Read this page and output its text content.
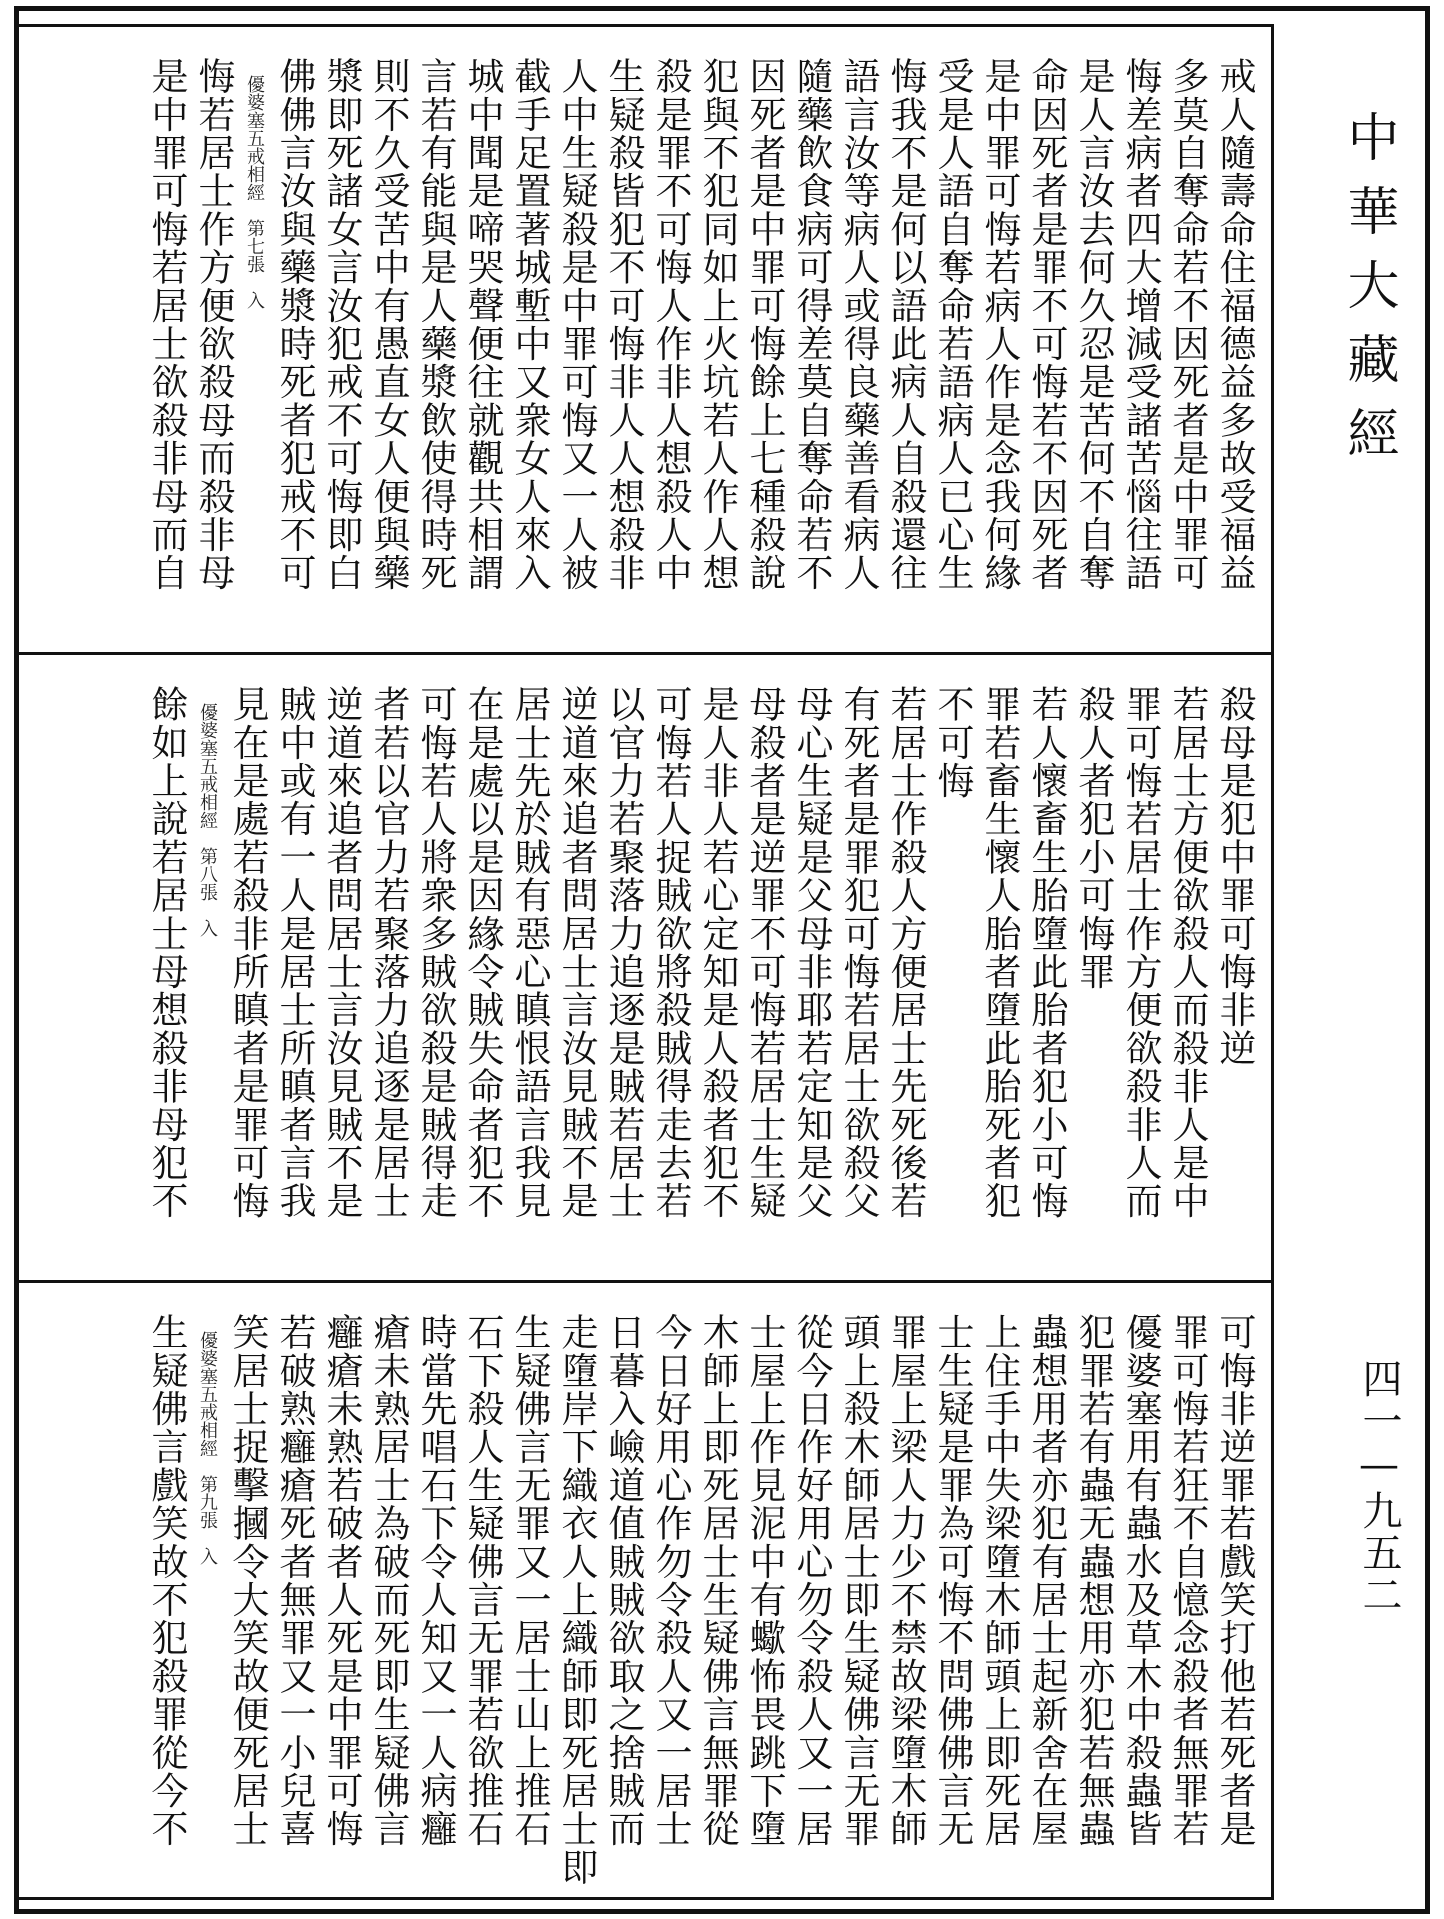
戒人隨壽命住福德益多故受福益
多莫自奪命若不因死者是中罪可
悔差病者四大增減受諸苦惱往語
是人言汝去何久忍是苦何不自奪
命因死者是罪不可悔若不因死者
是中罪可悔若病人作是念我何緣
受是人語自奪命若語病人已心生
悔我不是何以語此病人自殺還往
語言汝等病人或得良藥善看病人
隨藥飲食病可得差莫自奪命若不
因死者是中罪可悔餘上七種殺說
犯與不犯同如上火坑若人作人想
殺是罪不可悔人作非人想殺人中
生疑殺皆犯不可悔非人人想殺非
人中生疑殺是中罪可悔又一人被
截手足置著城塹中又衆女人來入
城中聞是啼哭聲便往就觀共相謂
言若有能與是人藥漿飲使得時死
則不久受苦中有愚直女人便與藥
漿即死諸女言汝犯戒不可悔即白
佛佛言汝與藥漿時死者犯戒不可
優婆塞五戒相經　第七張　入
悔若居士作方便欲殺母而殺非母
是中罪可悔若居士欲殺非母而自
殺母是犯中罪可悔非逆
若居士方便欲殺人而殺非人是中
罪可悔若居士作方便欲殺非人而
殺人者犯小可悔罪
若人懷畜生胎墮此胎者犯小可悔
罪若畜生懷人胎者墮此胎死者犯
不可悔
若居士作殺人方便居士先死後若
有死者是罪犯可悔若居士欲殺父
母心生疑是父母非耶若定知是父
母殺者是逆罪不可悔若居士生疑
是人非人若心定知是人殺者犯不
可悔若人捉賊欲將殺賊得走去若
以官力若聚落力追逐是賊若居士
逆道來追者問居士言汝見賊不是
居士先於賊有惡心瞋恨語言我見
在是處以是因緣令賊失命者犯不
可悔若人將衆多賊欲殺是賊得走
者若以官力若聚落力追逐是居士
逆道來追者問居士言汝見賊不是
賊中或有一人是居士所瞋者言我
見在是處若殺非所瞋者是罪可悔
優婆塞五戒相經　第八張　入
餘如上說若居士母想殺非母犯不
可悔非逆罪若戲笑打他若死者是
罪可悔若狂不自憶念殺者無罪若
優婆塞用有蟲水及草木中殺蟲皆
犯罪若有蟲无蟲想用亦犯若無蟲
蟲想用者亦犯有居士起新舍在屋
上住手中失梁墮木師頭上即死居
士生疑是罪為可悔不問佛佛言无
罪屋上梁人力少不禁故梁墮木師
頭上殺木師居士即生疑佛言无罪
從今日作好用心勿令殺人又一居
士屋上作見泥中有蠍怖畏跳下墮
木師上即死居士生疑佛言無罪從
今日好用心作勿令殺人又一居士
日暮入嶮道值賊賊欲取之捨賊而
走墮岸下織衣人上織師即死居士即
生疑佛言无罪又一居士山上推石
石下殺人生疑佛言无罪若欲推石
時當先唱石下令人知又一人病癰
瘡未熟居士為破而死即生疑佛言
癰瘡未熟若破者人死是中罪可悔
若破熟癰瘡死者無罪又一小兒喜
笑居士捉擊摑令大笑故便死居士
優婆塞五戒相經　第九張　入
生疑佛言戲笑故不犯殺罪從今不
中華大藏經
四一—九五二
